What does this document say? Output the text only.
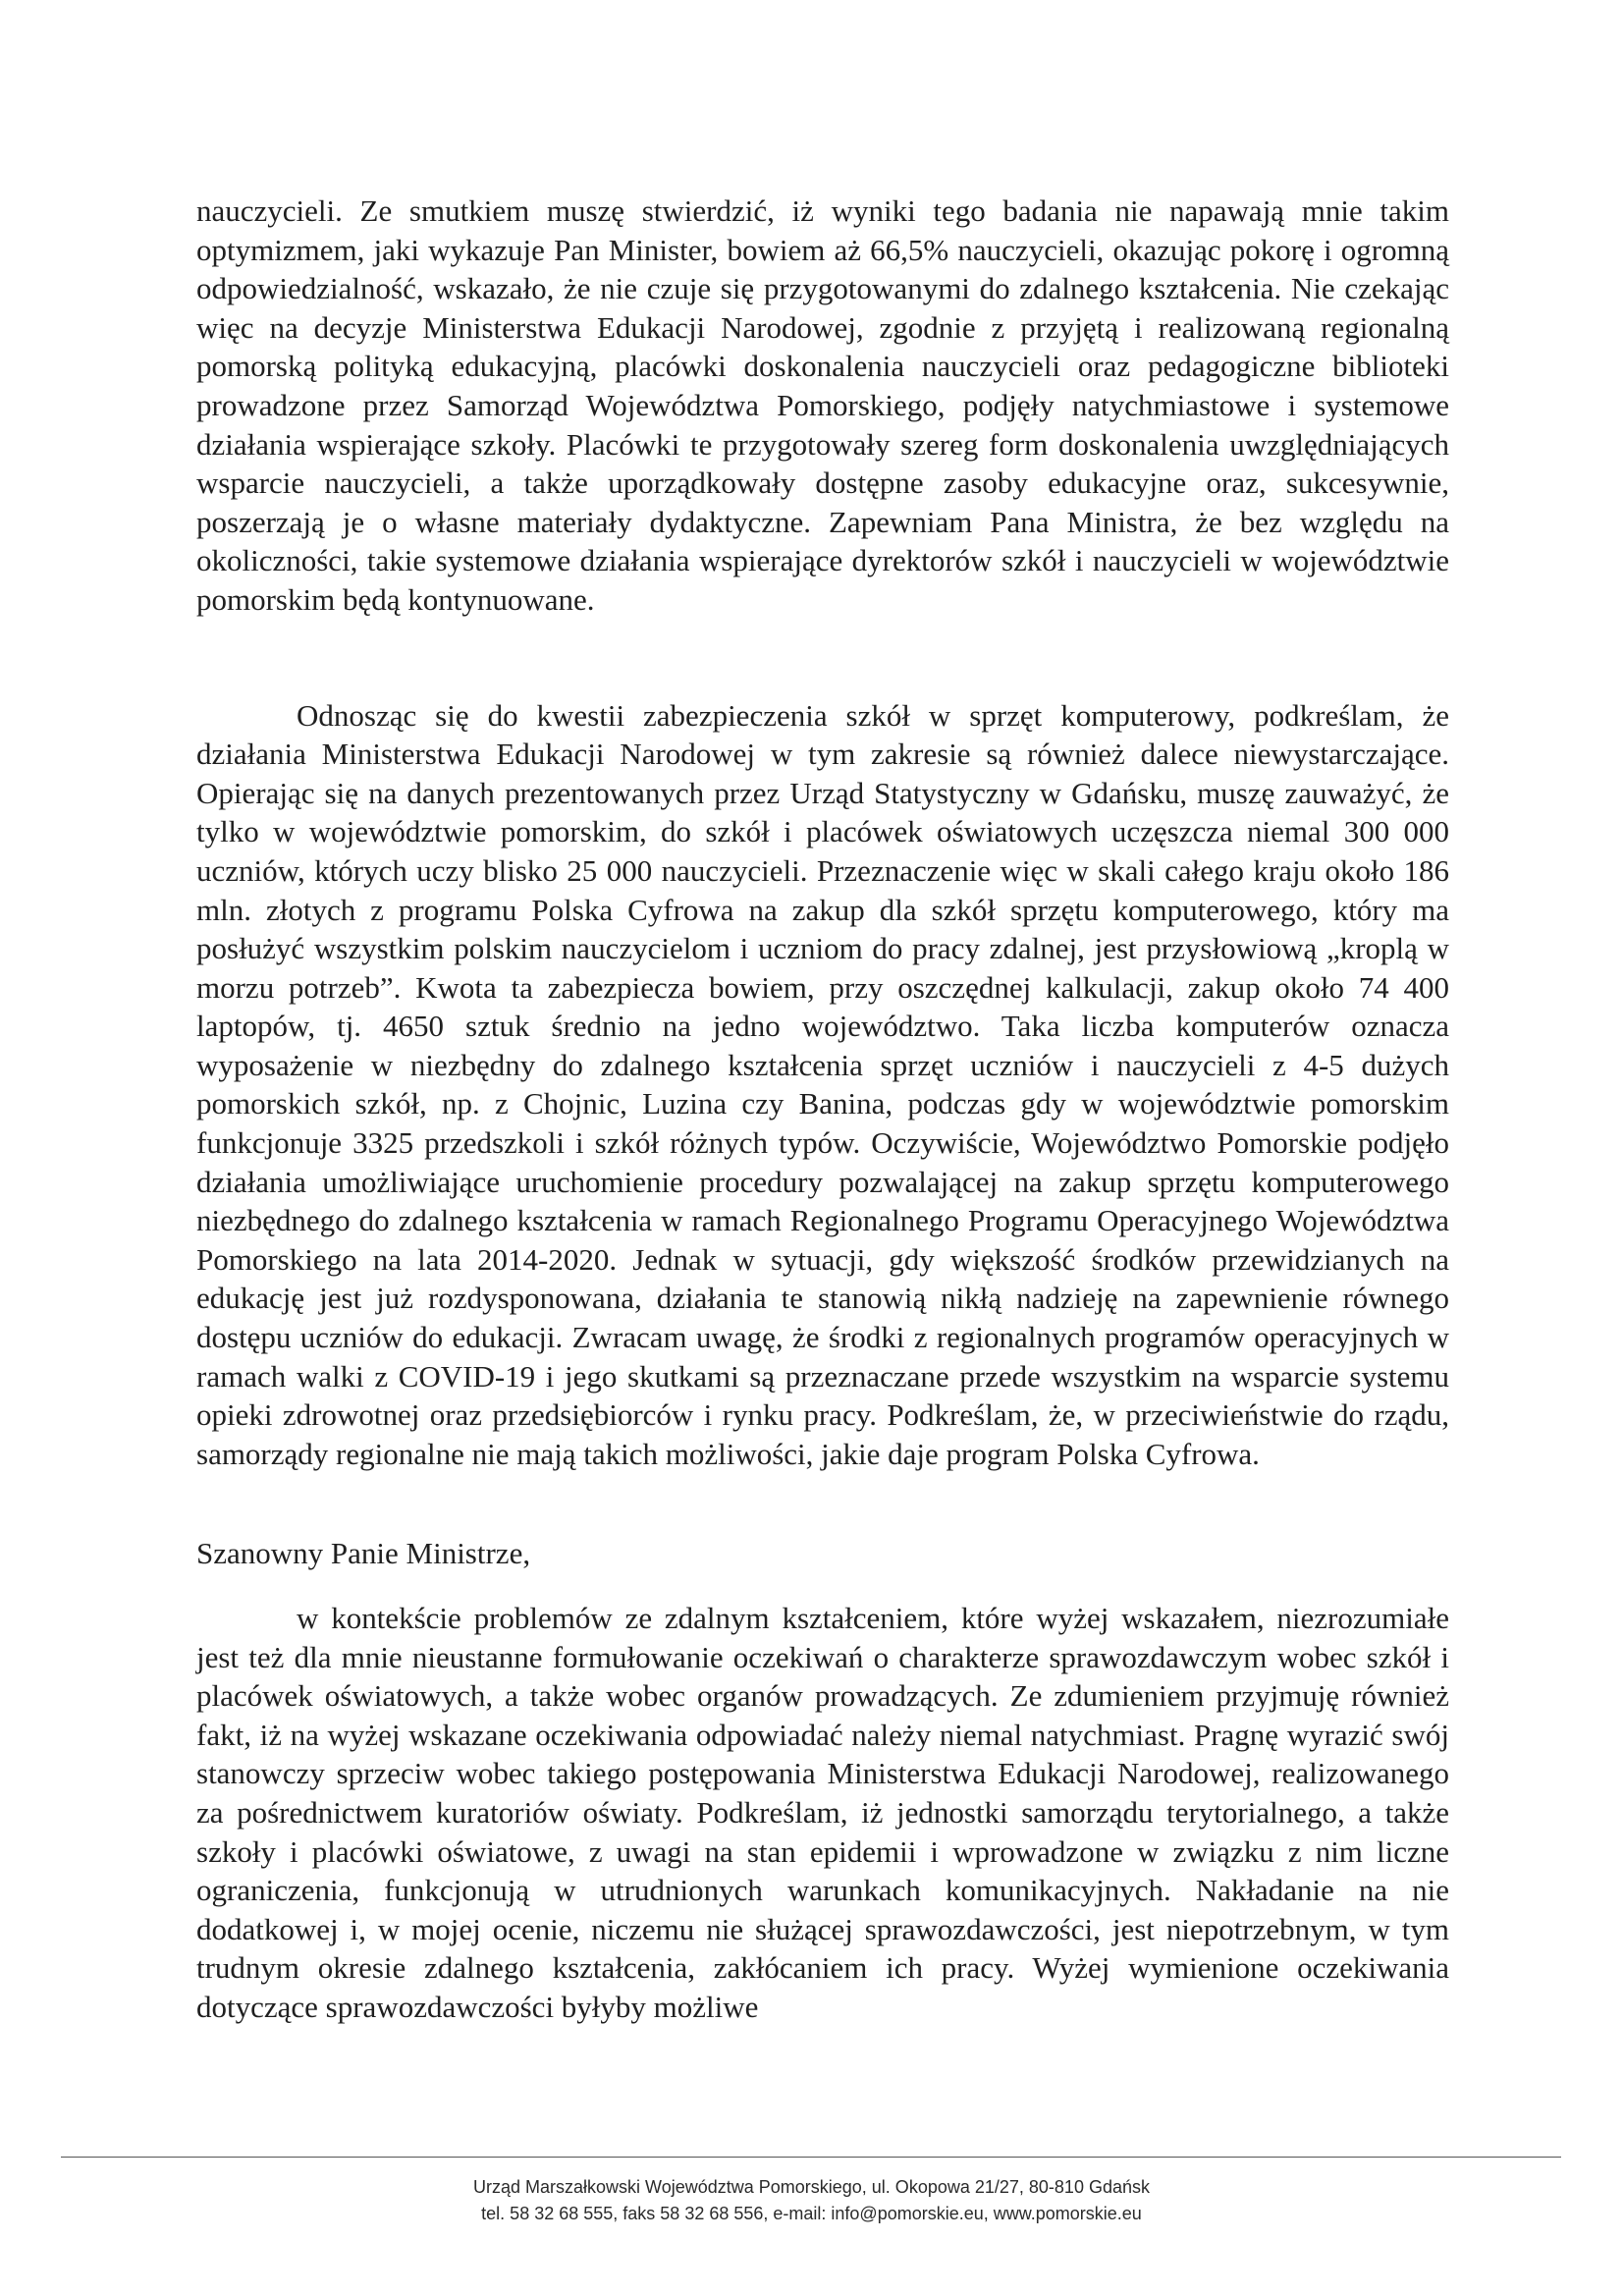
nauczycieli. Ze smutkiem muszę stwierdzić, iż wyniki tego badania nie napawają mnie takim optymizmem, jaki wykazuje Pan Minister, bowiem aż 66,5% nauczycieli, okazując pokorę i ogromną odpowiedzialność, wskazało, że nie czuje się przygotowanymi do zdalnego kształcenia. Nie czekając więc na decyzje Ministerstwa Edukacji Narodowej, zgodnie z przyjętą i realizowaną regionalną pomorską polityką edukacyjną, placówki doskonalenia nauczycieli oraz pedagogiczne biblioteki prowadzone przez Samorząd Województwa Pomorskiego, podjęły natychmiastowe i systemowe działania wspierające szkoły. Placówki te przygotowały szereg form doskonalenia uwzględniających wsparcie nauczycieli, a także uporządkowały dostępne zasoby edukacyjne oraz, sukcesywnie, poszerzają je o własne materiały dydaktyczne. Zapewniam Pana Ministra, że bez względu na okoliczności, takie systemowe działania wspierające dyrektorów szkół i nauczycieli w województwie pomorskim będą kontynuowane.

Odnosząc się do kwestii zabezpieczenia szkół w sprzęt komputerowy, podkreślam, że działania Ministerstwa Edukacji Narodowej w tym zakresie są również dalece niewystarczające. Opierając się na danych prezentowanych przez Urząd Statystyczny w Gdańsku, muszę zauważyć, że tylko w województwie pomorskim, do szkół i placówek oświatowych uczęszcza niemal 300 000 uczniów, których uczy blisko 25 000 nauczycieli. Przeznaczenie więc w skali całego kraju około 186 mln. złotych z programu Polska Cyfrowa na zakup dla szkół sprzętu komputerowego, który ma posłużyć wszystkim polskim nauczycielom i uczniom do pracy zdalnej, jest przysłowiową „kroplą w morzu potrzeb”. Kwota ta zabezpiecza bowiem, przy oszczędnej kalkulacji, zakup około 74 400 laptopów, tj. 4650 sztuk średnio na jedno województwo. Taka liczba komputerów oznacza wyposażenie w niezbędny do zdalnego kształcenia sprzęt uczniów i nauczycieli z 4-5 dużych pomorskich szkół, np. z Chojnic, Luzina czy Banina, podczas gdy w województwie pomorskim funkcjonuje 3325 przedszkoli i szkół różnych typów. Oczywiście, Województwo Pomorskie podjęło działania umożliwiające uruchomienie procedury pozwalającej na zakup sprzętu komputerowego niezbędnego do zdalnego kształcenia w ramach Regionalnego Programu Operacyjnego Województwa Pomorskiego na lata 2014-2020. Jednak w sytuacji, gdy większość środków przewidzianych na edukację jest już rozdysponowana, działania te stanowią nikłą nadzieję na zapewnienie równego dostępu uczniów do edukacji. Zwracam uwagę, że środki z regionalnych programów operacyjnych w ramach walki z COVID-19 i jego skutkami są przeznaczane przede wszystkim na wsparcie systemu opieki zdrowotnej oraz przedsiębiorców i rynku pracy. Podkreślam, że, w przeciwieństwie do rządu, samorządy regionalne nie mają takich możliwości, jakie daje program Polska Cyfrowa.

Szanowny Panie Ministrze,

w kontekście problemów ze zdalnym kształceniem, które wyżej wskazałem, niezrozumiałe jest też dla mnie nieustanne formułowanie oczekiwań o charakterze sprawozdawczym wobec szkół i placówek oświatowych, a także wobec organów prowadzących. Ze zdumieniem przyjmuję również fakt, iż na wyżej wskazane oczekiwania odpowiadać należy niemal natychmiast. Pragnę wyrazić swój stanowczy sprzeciw wobec takiego postępowania Ministerstwa Edukacji Narodowej, realizowanego za pośrednictwem kuratoriów oświaty. Podkreślam, iż jednostki samorządu terytorialnego, a także szkoły i placówki oświatowe, z uwagi na stan epidemii i wprowadzone w związku z nim liczne ograniczenia, funkcjonują w utrudnionych warunkach komunikacyjnych. Nakładanie na nie dodatkowej i, w mojej ocenie, niczemu nie służącej sprawozdawczości, jest niepotrzebnym, w tym trudnym okresie zdalnego kształcenia, zakłócaniem ich pracy. Wyżej wymienione oczekiwania dotyczące sprawozdawczości byłyby możliwe

Urząd Marszałkowski Województwa Pomorskiego, ul. Okopowa 21/27, 80-810 Gdańsk
tel. 58 32 68 555, faks 58 32 68 556, e-mail: info@pomorskie.eu, www.pomorskie.eu
